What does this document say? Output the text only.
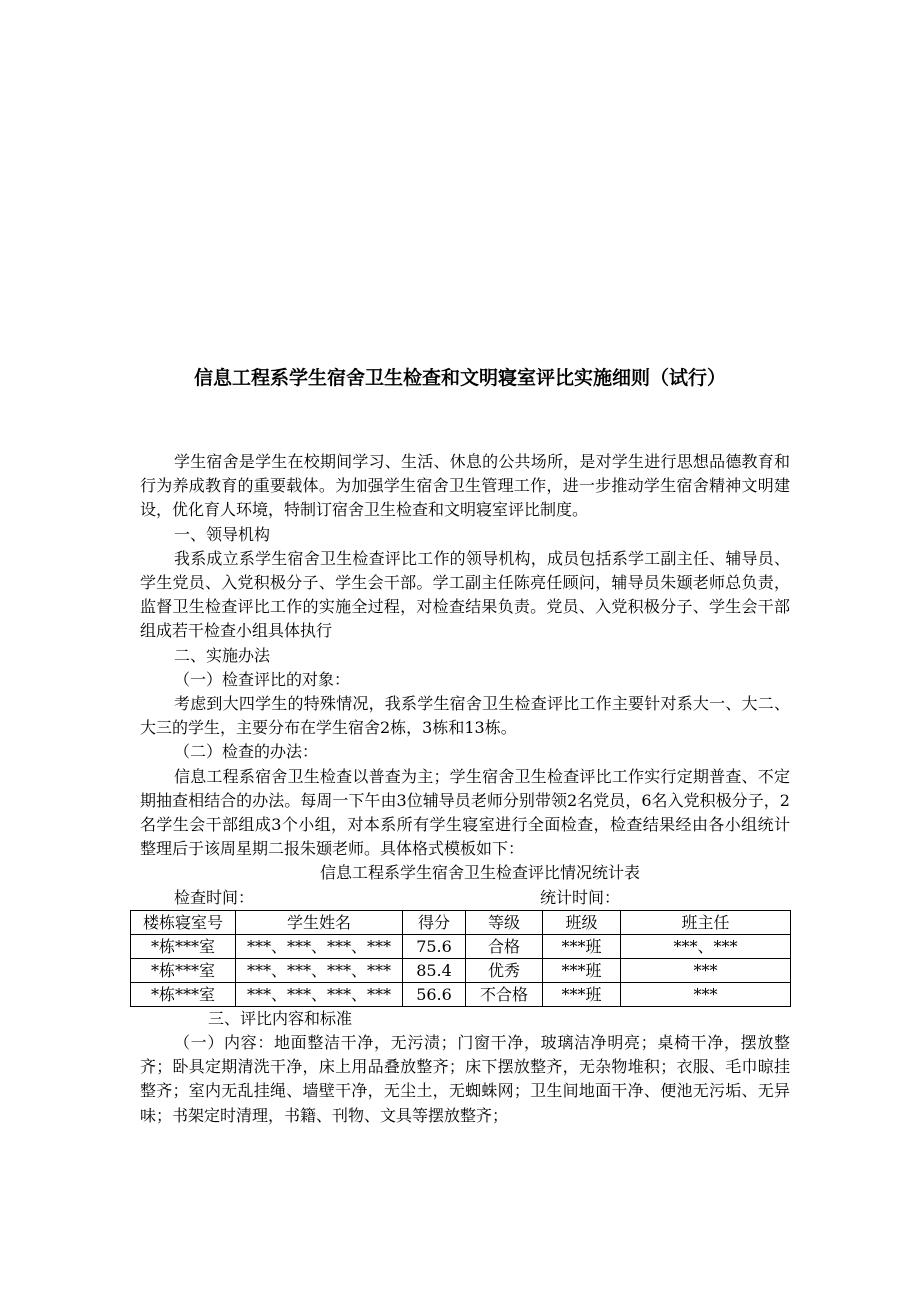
信息工程系学生宿舍卫生检查和文明寝室评比实施细则（试行）

学生宿舍是学生在校期间学习、生活、休息的公共场所，是对学生进行思想品德教育和行为养成教育的重要载体。为加强学生宿舍卫生管理工作，进一步推动学生宿舍精神文明建设，优化育人环境，特制订宿舍卫生检查和文明寝室评比制度。

一、领导机构

我系成立系学生宿舍卫生检查评比工作的领导机构，成员包括系学工副主任、辅导员、学生党员、入党积极分子、学生会干部。学工副主任陈亮任顾问，辅导员朱颋老师总负责，监督卫生检查评比工作的实施全过程，对检查结果负责。党员、入党积极分子、学生会干部组成若干检查小组具体执行

二、实施办法

（一）检查评比的对象：

考虑到大四学生的特殊情况，我系学生宿舍卫生检查评比工作主要针对系大一、大二、大三的学生，主要分布在学生宿舍2栋，3栋和13栋。

（二）检查的办法：

信息工程系宿舍卫生检查以普查为主；学生宿舍卫生检查评比工作实行定期普查、不定期抽查相结合的办法。每周一下午由3位辅导员老师分别带领2名党员，6名入党积极分子，2名学生会干部组成3个小组，对本系所有学生寝室进行全面检查，检查结果经由各小组统计整理后于该周星期二报朱颋老师。具体格式模板如下：

信息工程系学生宿舍卫生检查评比情况统计表

检查时间：	统计时间：
楼栋寝室号	学生姓名	得分	等级	班级	班主任
*栋***室	***、***、***、***	75.6	合格	***班	***、***
*栋***室	***、***、***、***	85.4	优秀	***班	***
*栋***室	***、***、***、***	56.6	不合格	***班	***

三、评比内容和标准

（一）内容：地面整洁干净，无污渍；门窗干净，玻璃洁净明亮；桌椅干净，摆放整齐；卧具定期清洗干净，床上用品叠放整齐；床下摆放整齐，无杂物堆积；衣服、毛巾晾挂整齐；室内无乱挂绳、墙壁干净，无尘土，无蜘蛛网；卫生间地面干净、便池无污垢、无异味；书架定时清理，书籍、刊物、文具等摆放整齐；
